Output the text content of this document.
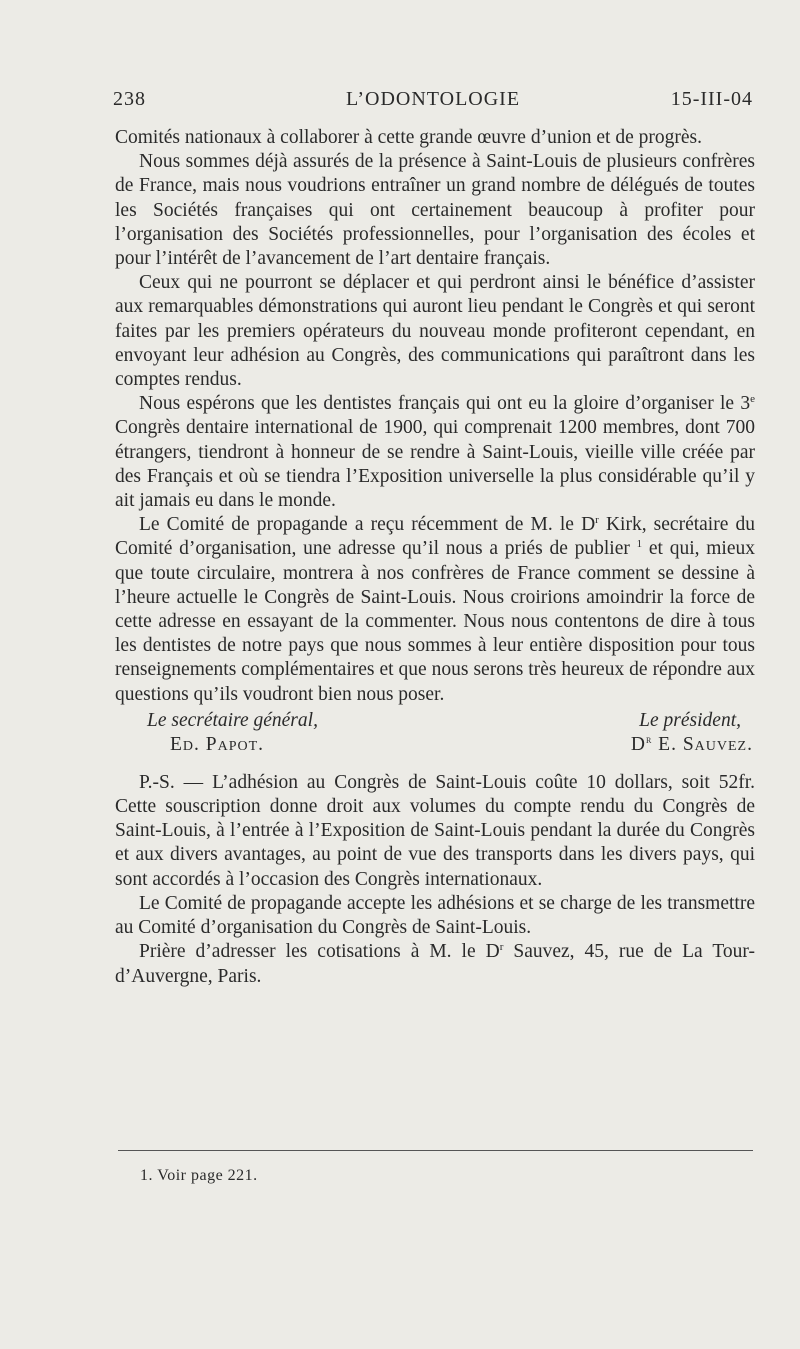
238	L’ODONTOLOGIE	15-III-04

Comités nationaux à collaborer à cette grande œuvre d’union et de progrès.

Nous sommes déjà assurés de la présence à Saint-Louis de plusieurs confrères de France, mais nous voudrions entraîner un grand nombre de délégués de toutes les Sociétés françaises qui ont certainement beaucoup à profiter pour l’organisation des Sociétés professionnelles, pour l’organisation des écoles et pour l’intérêt de l’avancement de l’art dentaire français.

Ceux qui ne pourront se déplacer et qui perdront ainsi le bénéfice d’assister aux remarquables démonstrations qui auront lieu pendant le Congrès et qui seront faites par les premiers opérateurs du nouveau monde profiteront cependant, en envoyant leur adhésion au Congrès, des communications qui paraîtront dans les comptes rendus.

Nous espérons que les dentistes français qui ont eu la gloire d’organiser le 3e Congrès dentaire international de 1900, qui comprenait 1200 membres, dont 700 étrangers, tiendront à honneur de se rendre à Saint-Louis, vieille ville créée par des Français et où se tiendra l’Exposition universelle la plus considérable qu’il y ait jamais eu dans le monde.

Le Comité de propagande a reçu récemment de M. le $D^r$ Kirk, secrétaire du Comité d’organisation, une adresse qu’il nous a priés de publier $^1$ et qui, mieux que toute circulaire, montrera à nos confrères de France comment se dessine à l’heure actuelle le Congrès de Saint-Louis. Nous croirions amoindrir la force de cette adresse en essayant de la commenter. Nous nous contentons de dire à tous les dentistes de notre pays que nous sommes à leur entière disposition pour tous renseignements complémentaires et que nous serons très heureux de répondre aux questions qu’ils voudront bien nous poser.

Le secrétaire général,
Ed. Papot.
Le président,
$D^r$ E. Sauvez.

P.-S. — L’adhésion au Congrès de Saint-Louis coûte 10 dollars, soit 52fr. Cette souscription donne droit aux volumes du compte rendu du Congrès de Saint-Louis, à l’entrée à l’Exposition de Saint-Louis pendant la durée du Congrès et aux divers avantages, au point de vue des transports dans les divers pays, qui sont accordés à l’occasion des Congrès internationaux.

Le Comité de propagande accepte les adhésions et se charge de les transmettre au Comité d’organisation du Congrès de Saint-Louis.

Prière d’adresser les cotisations à M. le $D^r$ Sauvez, 45, rue de La Tour-d’Auvergne, Paris.

1. Voir page 221.
